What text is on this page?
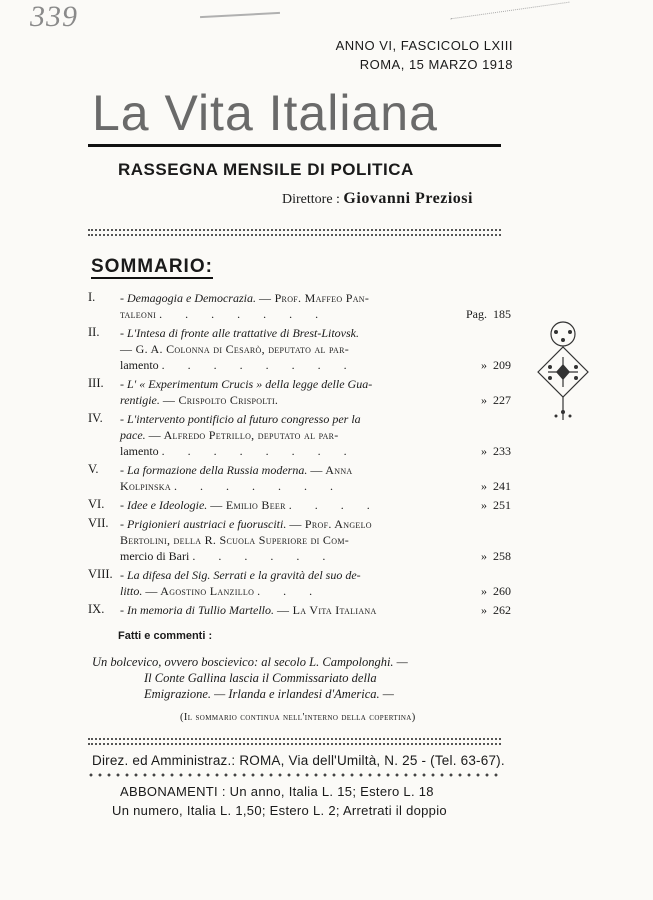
339
ANNO VI, FASCICOLO LXIII
ROMA, 15 MARZO 1918
La Vita Italiana
RASSEGNA MENSILE DI POLITICA
Direttore : Giovanni Preziosi
SOMMARIO:
I.	- Demagogia e Democrazia. — Prof. Maffeo Pan-
taleoni . . . . . . .	Pag. 185
II.	- L'Intesa di fronte alle trattative di Brest-Litovsk.
— G. A. Colonna di Cesarò, deputato al par-
lamento . . . . . . . .	»  209
III.	- L' « Experimentum Crucis » della legge delle Gua-
rentigie. — Crispolto Crispolti.	»  227
IV.	- L'intervento pontificio al futuro congresso per la
pace. — Alfredo Petrillo, deputato al par-
lamento . . . . . . . .	»  233
V.	- La formazione della Russia moderna. — Anna
Kolpinska . . . . . . .	»  241
VI.	- Idee e Ideologie. — Emilio Beer . . . .	»  251
VII. - Prigionieri austriaci e fuorusciti. — Prof. Angelo
Bertolini, della R. Scuola Superiore di Com-
mercio di Bari . . . . . .	»  258
VIII. - La difesa del Sig. Serrati e la gravità del suo de-
litto. — Agostino Lanzillo . . .	»  260
IX.	- In memoria di Tullio Martello. — La Vita Italiana	»  262
Fatti e commenti :
Un bolcevico, ovvero boscievico: al secolo L. Campolonghi. —
Il Conte Gallina lascia il Commissariato della
Emigrazione. — Irlanda e irlandesi d'America. —
(Il sommario continua nell'interno della copertina)
Direz. ed Amministraz.: ROMA, Via dell'Umiltà, N. 25 - (Tel. 63-67).
ABBONAMENTI : Un anno, Italia L. 15; Estero L. 18
Un numero, Italia L. 1,50; Estero L. 2; Arretrati il doppio
